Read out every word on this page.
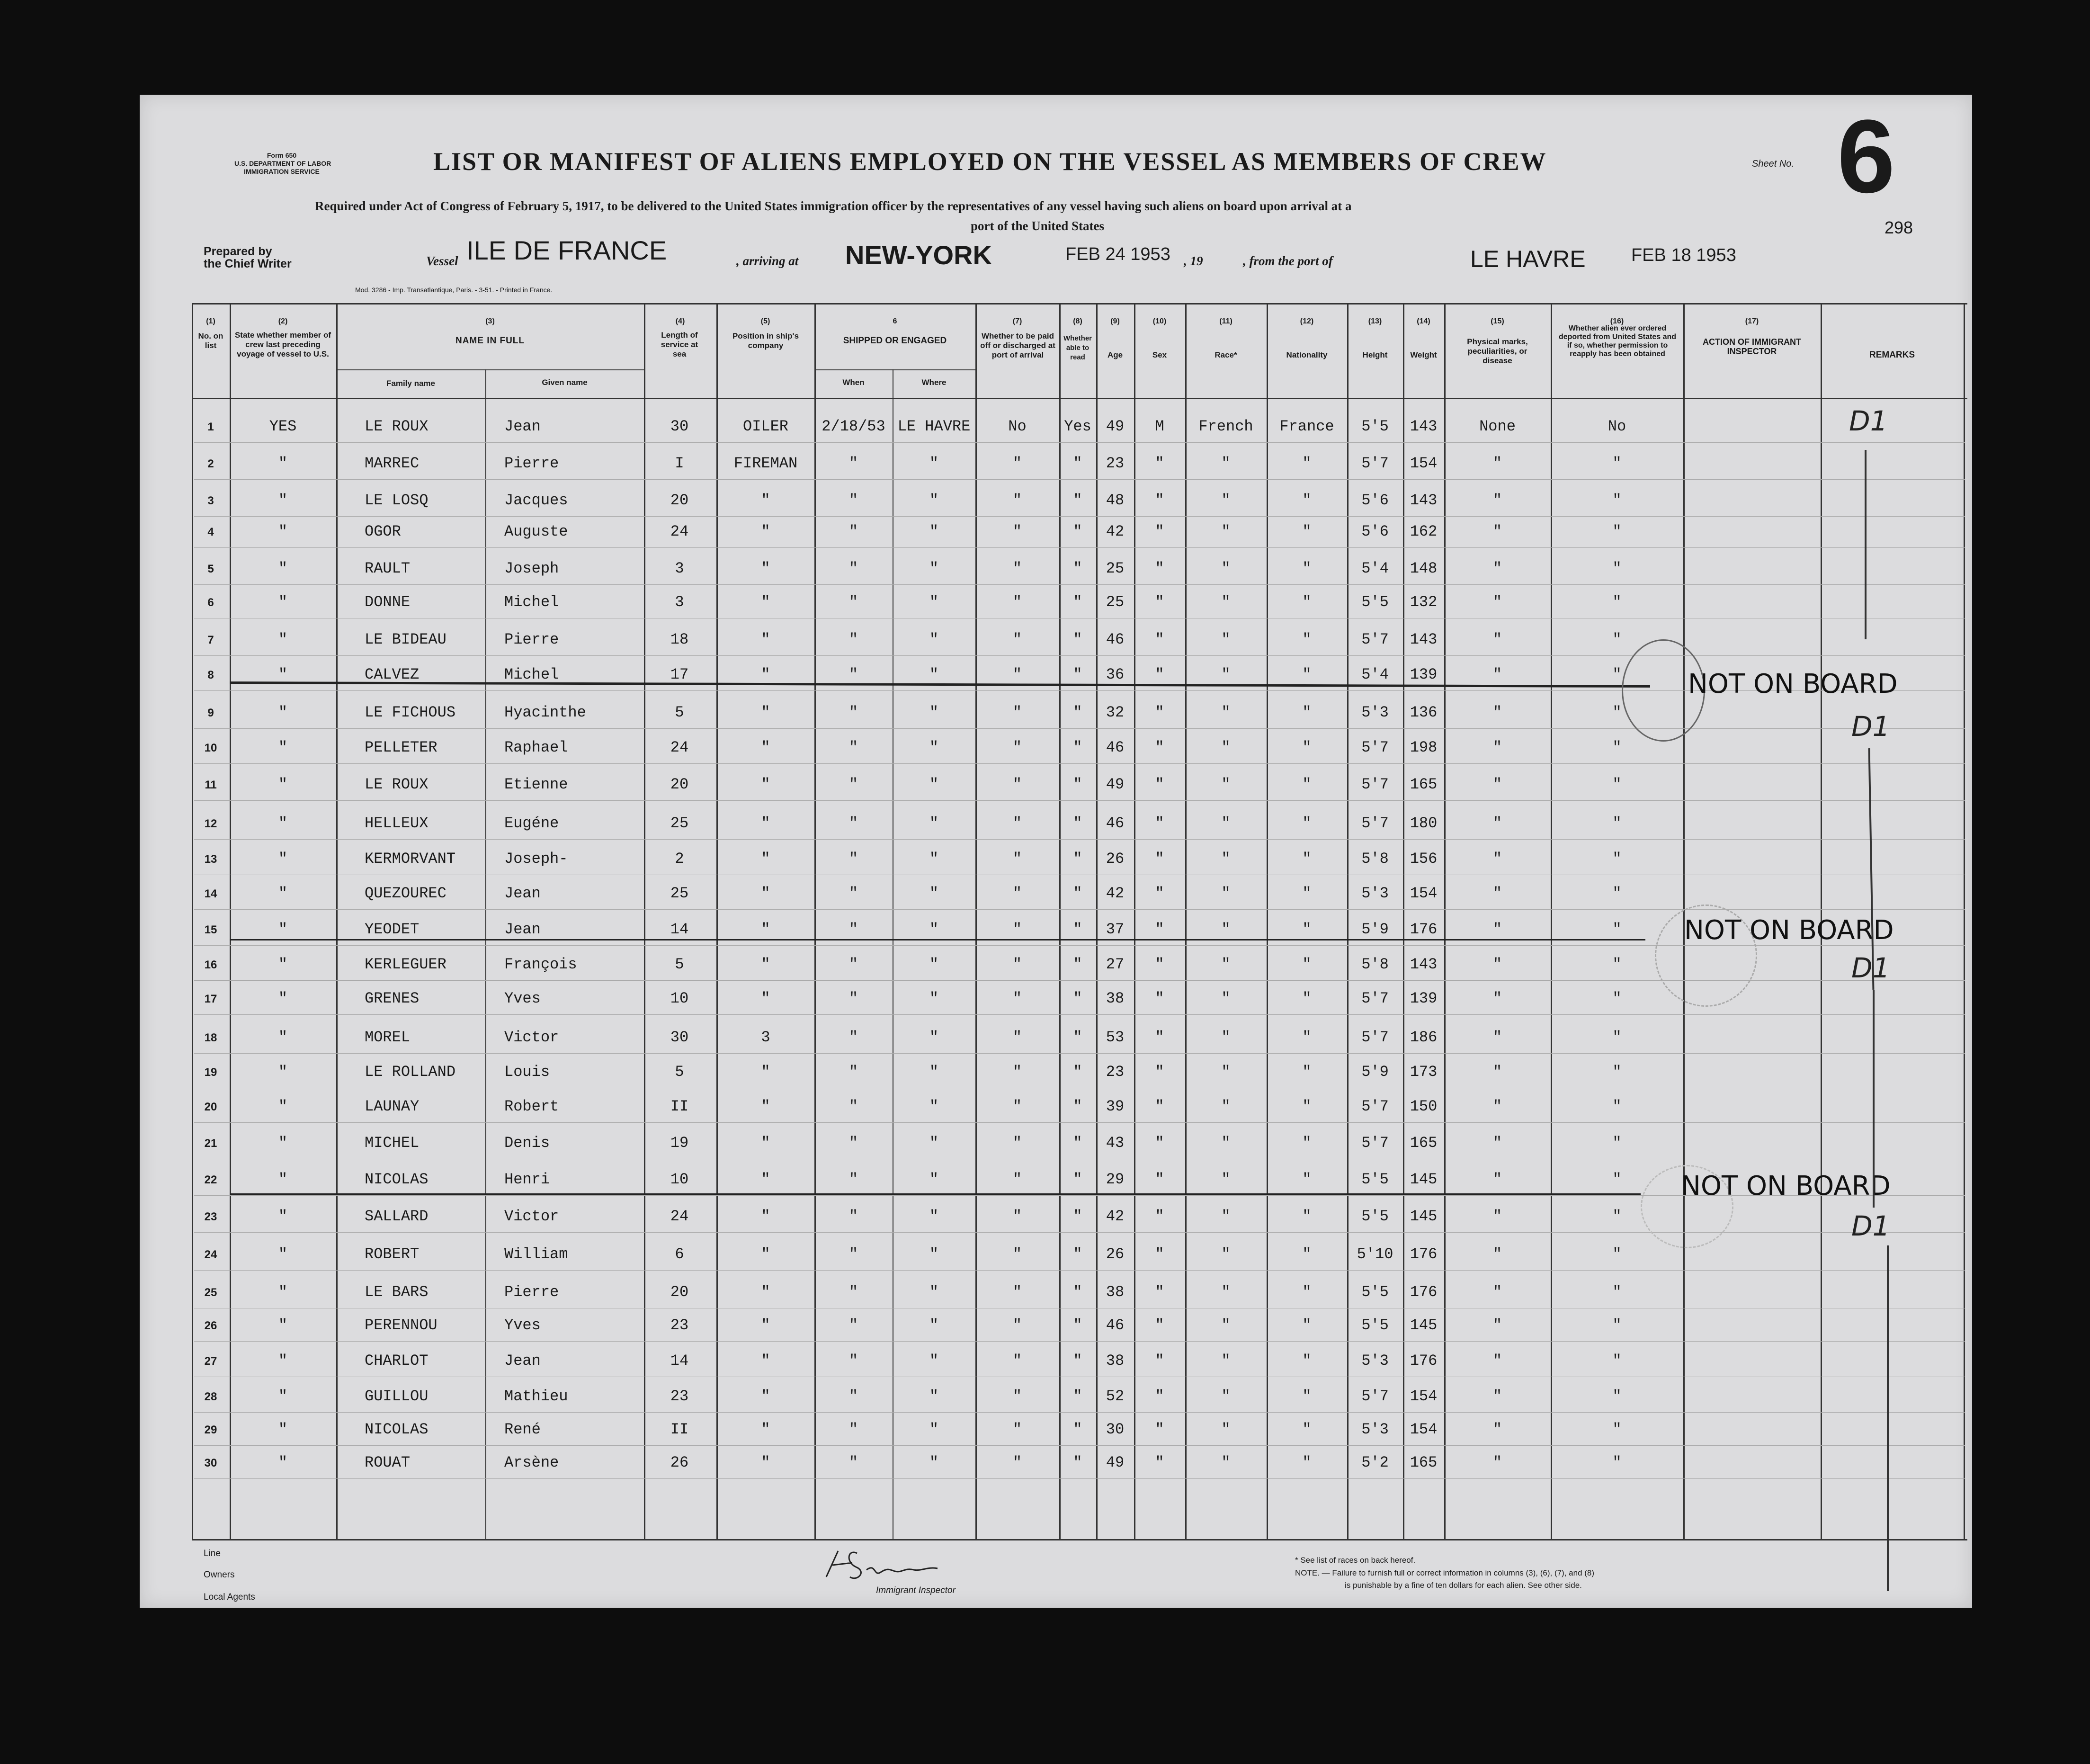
Form 650
U.S. DEPARTMENT OF LABOR
IMMIGRATION SERVICE	LIST OR MANIFEST OF ALIENS EMPLOYED ON THE VESSEL AS MEMBERS OF CREW	Sheet No. 6
298
Required under Act of Congress of February 5, 1917, to be delivered to the United States immigration officer by the representatives of any vessel having such aliens on board upon arrival at a
port of the United States
Prepared by
the Chief Writer	Vessel ILE DE FRANCE	, arriving at NEW-YORK	FEB 24 1953 , 19	, from the port of	LE HAVRE	FEB 18 1953
Mod. 3286 - Imp. Transatlantique, Paris. - 3-51. - Printed in France.
(1)	(2)	(3)	(4)	(5)	6	(7)	(8)	(9)	(10)	(11)	(12)	(13)	(14)	(15)	(16)	(17)
No. on list
State whether member of crew last preceding voyage of vessel to U.S.
NAME IN FULL
Family name	Given name
Length of service at sea
Position in ship's company	SHIPPED OR ENGAGED
When	Where
Whether to be paid off or discharged at port of arrival
Whether able to read	Age	Sex	Race*	Nationality	Height	Weight
Physical marks, peculiarities, or disease
Whether alien ever ordered deported from United States and if so, whether permission to reapply has been obtained
ACTION OF IMMIGRANT INSPECTOR	REMARKS
1	YES	LE ROUX	Jean	30	OILER	2/18/53 LE HAVRE	No	Yes 49	M	French	France	5'5	143	None	No
2	"	MARREC	Pierre	I	FIREMAN	"	"	"	"	23	"	"	"	5'7	154	"	"
3	"	LE LOSQ	Jacques	20	"	"	"	"	"	48	"	"	"	5'6	143	"	"
4	"	OGOR	Auguste	24	"	"	"	"	"	42	"	"	"	5'6	162	"	"
5	"	RAULT	Joseph	3	"	"	"	"	"	25	"	"	"	5'4	148	"	"
6	"	DONNE	Michel	3	"	"	"	"	"	25	"	"	"	5'5	132	"	"
7	"	LE BIDEAU	Pierre	18	"	"	"	"	"	46	"	"	"	5'7	143	"	"
8	"	CALVEZ	Michel	17	"	"	"	"	"	36	"	"	"	5'4	139	"	"
9	"	LE FICHOUS	Hyacinthe	5	"	"	"	"	"	32	"	"	"	5'3	136	"	"
10	"	PELLETER	Raphael	24	"	"	"	"	"	46	"	"	"	5'7	198	"	"
11	"	LE ROUX	Etienne	20	"	"	"	"	"	49	"	"	"	5'7	165	"	"
12	"	HELLEUX	Eugéne	25	"	"	"	"	"	46	"	"	"	5'7	180	"	"
13	"	KERMORVANT	Joseph-	2	"	"	"	"	"	26	"	"	"	5'8	156	"	"
14	"	QUEZOUREC	Jean	25	"	"	"	"	"	42	"	"	"	5'3	154	"	"
15	"	YEODET	Jean	14	"	"	"	"	"	37	"	"	"	5'9	176	"	"
16	"	KERLEGUER	François	5	"	"	"	"	"	27	"	"	"	5'8	143	"	"
17	"	GRENES	Yves	10	"	"	"	"	"	38	"	"	"	5'7	139	"	"
18	"	MOREL	Victor	30	3	"	"	"	"	53	"	"	"	5'7	186	"	"
19	"	LE ROLLAND	Louis	5	"	"	"	"	"	23	"	"	"	5'9	173	"	"
20	"	LAUNAY	Robert	II	"	"	"	"	"	39	"	"	"	5'7	150	"	"
21	"	MICHEL	Denis	19	"	"	"	"	"	43	"	"	"	5'7	165	"	"
22	"	NICOLAS	Henri	10	"	"	"	"	"	29	"	"	"	5'5	145	"	"
23	"	SALLARD	Victor	24	"	"	"	"	"	42	"	"	"	5'5	145	"	"
24	"	ROBERT	William	6	"	"	"	"	"	26	"	"	"	5'10	176	"	"
25	"	LE BARS	Pierre	20	"	"	"	"	"	38	"	"	"	5'5	176	"	"
26	"	PERENNOU	Yves	23	"	"	"	"	"	46	"	"	"	5'5	145	"	"
27	"	CHARLOT	Jean	14	"	"	"	"	"	38	"	"	"	5'3	176	"	"
28	"	GUILLOU	Mathieu	23	"	"	"	"	"	52	"	"	"	5'7	154	"	"
29	"	NICOLAS	René	II	"	"	"	"	"	30	"	"	"	5'3	154	"	"
30	"	ROUAT	Arsène	26	"	"	"	"	"	49	"	"	"	5'2	165	"	"
NOT ON BOARD
NOT ON BOARD
NOT ON BOARD
D1
D1
D1
D1
Line
Owners
Local Agents
Immigrant Inspector
* See list of races on back hereof.
NOTE. — Failure to furnish full or correct information in columns (3), (6), (7), and (8)
is punishable by a fine of ten dollars for each alien. See other side.
